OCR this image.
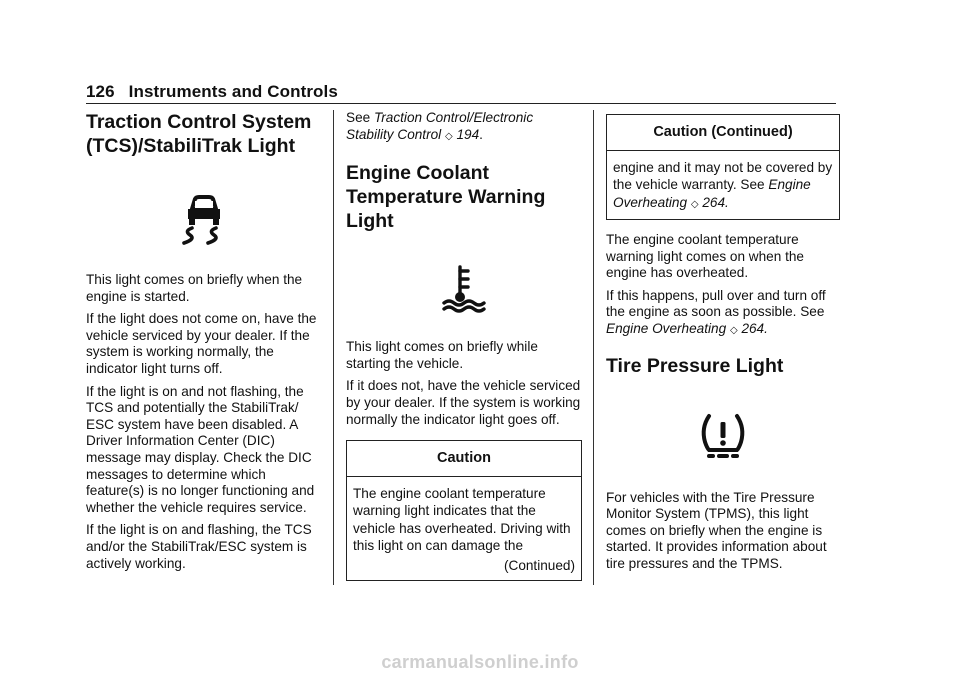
126 Instruments and Controls
Traction Control System (TCS)/StabiliTrak Light

This light comes on briefly when the engine is started.

If the light does not come on, have the vehicle serviced by your dealer. If the system is working normally, the indicator light turns off.

If the light is on and not flashing, the TCS and potentially the StabiliTrak/ ESC system have been disabled. A Driver Information Center (DIC) message may display. Check the DIC messages to determine which feature(s) is no longer functioning and whether the vehicle requires service.

If the light is on and flashing, the TCS and/or the StabiliTrak/ESC system is actively working.

See Traction Control/Electronic Stability Control ◇ 194.

Engine Coolant Temperature Warning Light

This light comes on briefly while starting the vehicle.

If it does not, have the vehicle serviced by your dealer. If the system is working normally the indicator light goes off.

Caution
The engine coolant temperature warning light indicates that the vehicle has overheated. Driving with this light on can damage the
(Continued)
Caution (Continued)
engine and it may not be covered by the vehicle warranty. See Engine Overheating ◇ 264.

The engine coolant temperature warning light comes on when the engine has overheated.

If this happens, pull over and turn off the engine as soon as possible. See Engine Overheating ◇ 264.

Tire Pressure Light

For vehicles with the Tire Pressure Monitor System (TPMS), this light comes on briefly when the engine is started. It provides information about tire pressures and the TPMS.

carmanualsonline.info
